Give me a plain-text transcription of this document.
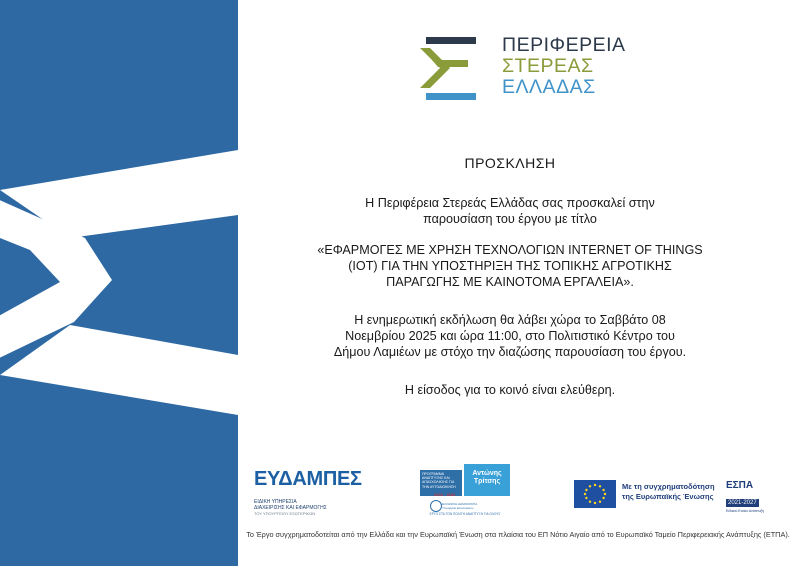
ΠΕΡΙΦΕΡΕΙΑ
ΣΤΕΡΕΑΣ
ΕΛΛΑΔΑΣ
ΠΡΟΣΚΛΗΣΗ
Η Περιφέρεια Στερεάς Ελλάδας σας προσκαλεί στην
παρουσίαση του έργου με τίτλο
«ΕΦΑΡΜΟΓΕΣ ΜΕ ΧΡΗΣΗ ΤΕΧΝΟΛΟΓΙΩΝ INTERNET OF THINGS
(IOT) ΓΙΑ ΤΗΝ ΥΠΟΣΤΗΡΙΞΗ ΤΗΣ ΤΟΠΙΚΗΣ ΑΓΡΟΤΙΚΗΣ
ΠΑΡΑΓΩΓΗΣ ΜΕ ΚΑΙΝΟΤΟΜΑ ΕΡΓΑΛΕΙΑ».
Η ενημερωτική εκδήλωση θα λάβει χώρα το Σαββάτο 08
Νοεμβρίου 2025 και ώρα 11:00, στο Πολιτιστικό Κέντρο του
Δήμου Λαμιέων με στόχο την διαζώσης παρουσίαση του έργου.
Η είσοδος για το κοινό είναι ελεύθερη.
ΕΥΔΑΜΠΕΣ
ΕΙΔΙΚΗ ΥΠΗΡΕΣΙΑ
ΔΙΑΧΕΙΡΙΣΗΣ ΚΑΙ ΕΦΑΡΜΟΓΗΣ
ΤΟΥ ΥΠΟΥΡΓΕΙΟΥ ΕΣΩΤΕΡΙΚΩΝ
ΠΡΟΓΡΑΜΜΑ ΑΝΑΠΤΥΞΗΣ ΚΑΙ ΑΠΑΣΧΟΛΗΣΗΣ ΓΙΑ ΤΗΝ ΑΥΤΟΔΙΟΙΚΗΣΗ
Αντώνης
Τρίτσης
2024 · 2032
ΕΛΛΗΝΙΚΗ ΔΗΜΟΚΡΑΤΙΑ Υπουργείο Εσωτερικών
ΕΡΓΟ ΣΤΑ ΤΟΝ ΠΟΛΙΤΗ ΑΝΑΠΤΥΞΗ ΓΙΑ ΟΛΟΥΣ
Με τη συγχρηματοδότηση
της Ευρωπαϊκής Ένωσης
ΕΣΠΑ
2021-2027
Ειδικού Ενιαίο Ανάπτυξη
Το Έργο συγχρηματοδοτείται από την Ελλάδα και την Ευρωπαϊκή Ένωση στα πλαίσια του ΕΠ Νότιο Αιγαίο από το Ευρωπαϊκό Ταμείο Περιφερειακής Ανάπτυξης (ΕΤΠΑ).
